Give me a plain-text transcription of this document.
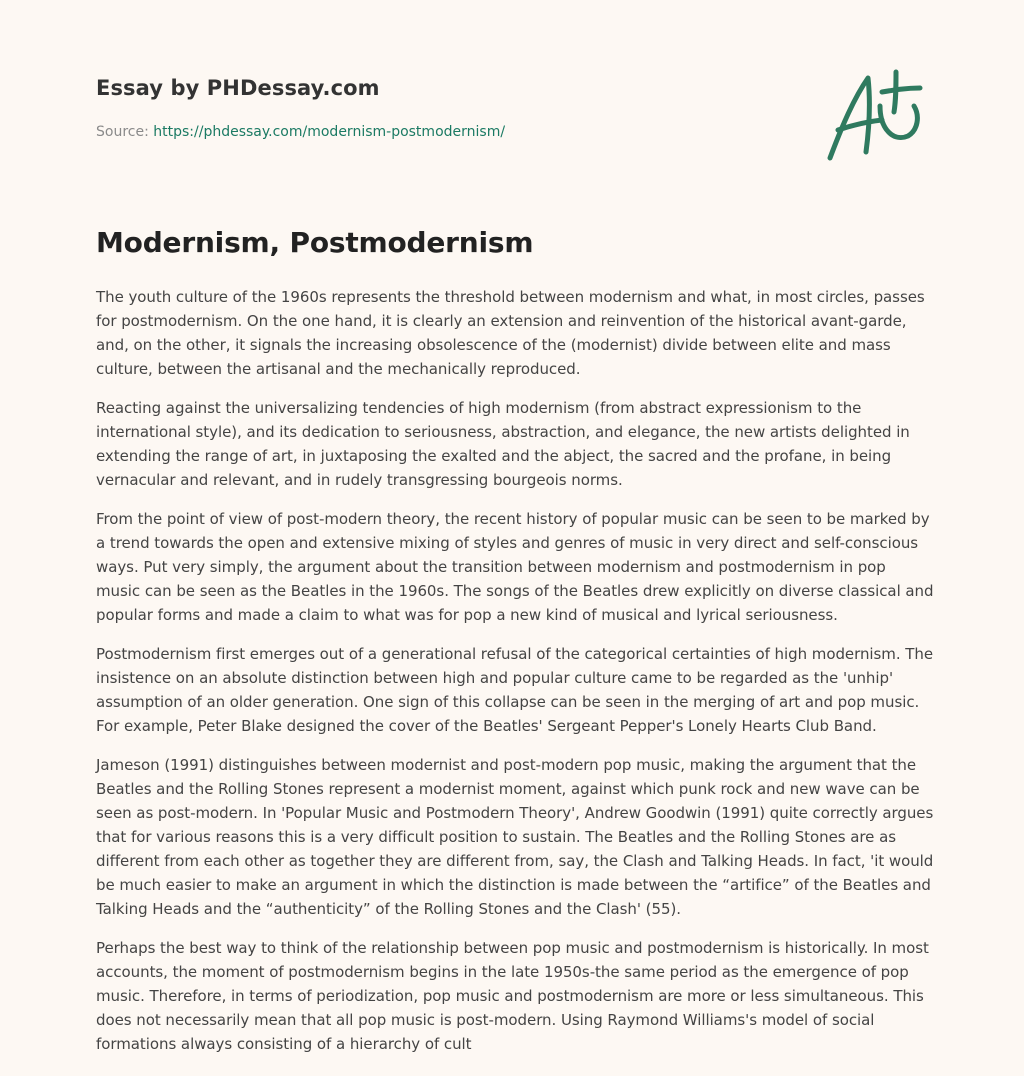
Essay by PHDessay.com

Source: https://phdessay.com/modernism-postmodernism/

Modernism, Postmodernism

The youth culture of the 1960s represents the threshold between modernism and what, in most circles, passes for postmodernism. On the one hand, it is clearly an extension and reinvention of the historical avant-garde, and, on the other, it signals the increasing obsolescence of the (modernist) divide between elite and mass culture, between the artisanal and the mechanically reproduced.

Reacting against the universalizing tendencies of high modernism (from abstract expressionism to the international style), and its dedication to seriousness, abstraction, and elegance, the new artists delighted in extending the range of art, in juxtaposing the exalted and the abject, the sacred and the profane, in being vernacular and relevant, and in rudely transgressing bourgeois norms.

From the point of view of post-modern theory, the recent history of popular music can be seen to be marked by a trend towards the open and extensive mixing of styles and genres of music in very direct and self-conscious ways. Put very simply, the argument about the transition between modernism and postmodernism in pop music can be seen as the Beatles in the 1960s. The songs of the Beatles drew explicitly on diverse classical and popular forms and made a claim to what was for pop a new kind of musical and lyrical seriousness.

Postmodernism first emerges out of a generational refusal of the categorical certainties of high modernism. The insistence on an absolute distinction between high and popular culture came to be regarded as the 'unhip' assumption of an older generation. One sign of this collapse can be seen in the merging of art and pop music. For example, Peter Blake designed the cover of the Beatles' Sergeant Pepper's Lonely Hearts Club Band.

Jameson (1991) distinguishes between modernist and post-modern pop music, making the argument that the Beatles and the Rolling Stones represent a modernist moment, against which punk rock and new wave can be seen as post-modern. In 'Popular Music and Postmodern Theory', Andrew Goodwin (1991) quite correctly argues that for various reasons this is a very difficult position to sustain. The Beatles and the Rolling Stones are as different from each other as together they are different from, say, the Clash and Talking Heads. In fact, 'it would be much easier to make an argument in which the distinction is made between the “artifice” of the Beatles and Talking Heads and the “authenticity” of the Rolling Stones and the Clash' (55).

Perhaps the best way to think of the relationship between pop music and postmodernism is historically. In most accounts, the moment of postmodernism begins in the late 1950s-the same period as the emergence of pop music. Therefore, in terms of periodization, pop music and postmodernism are more or less simultaneous. This does not necessarily mean that all pop music is post-modern. Using Raymond Williams's model of social formations always consisting of a hierarchy of cult
